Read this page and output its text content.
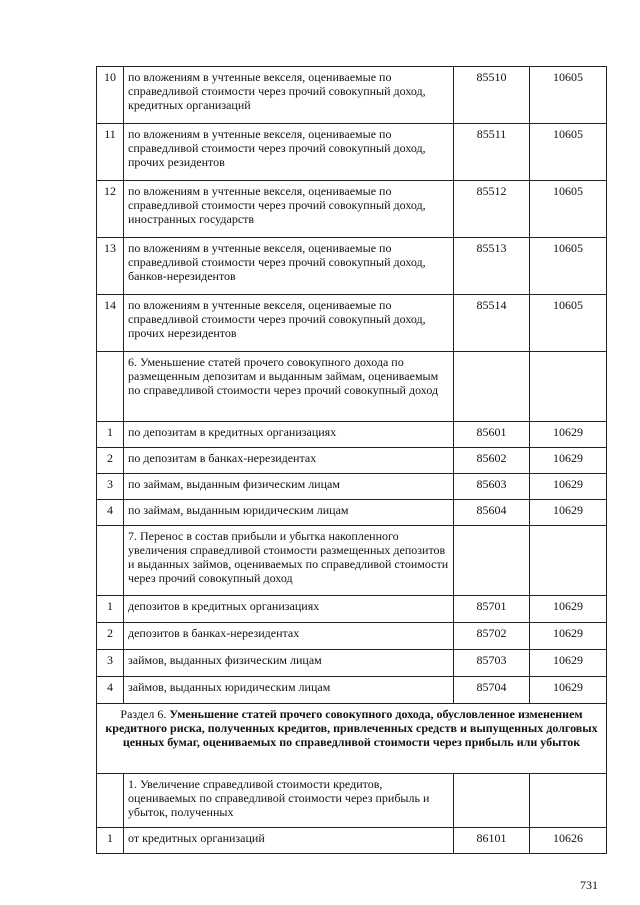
10	по вложениям в учтенные векселя, оцениваемые по справедливой стоимости через прочий совокупный доход, кредитных организаций	85510	10605
11	по вложениям в учтенные векселя, оцениваемые по справедливой стоимости через прочий совокупный доход, прочих резидентов	85511	10605
12	по вложениям в учтенные векселя, оцениваемые по справедливой стоимости через прочий совокупный доход, иностранных государств	85512	10605
13	по вложениям в учтенные векселя, оцениваемые по справедливой стоимости через прочий совокупный доход, банков-нерезидентов	85513	10605
14	по вложениям в учтенные векселя, оцениваемые по справедливой стоимости через прочий совокупный доход, прочих нерезидентов	85514	10605
	6. Уменьшение статей прочего совокупного дохода по размещенным депозитам и выданным займам, оцениваемым по справедливой стоимости через прочий совокупный доход		
1	по депозитам в кредитных организациях	85601	10629
2	по депозитам в банках-нерезидентах	85602	10629
3	по займам, выданным физическим лицам	85603	10629
4	по займам, выданным юридическим лицам	85604	10629
	7. Перенос в состав прибыли и убытка накопленного увеличения справедливой стоимости размещенных депозитов и выданных займов, оцениваемых по справедливой стоимости через прочий совокупный доход		
1	депозитов в кредитных организациях	85701	10629
2	депозитов в банках-нерезидентах	85702	10629
3	займов, выданных физическим лицам	85703	10629
4	займов, выданных юридическим лицам	85704	10629
Раздел 6. Уменьшение статей прочего совокупного дохода, обусловленное изменением кредитного риска, полученных кредитов, привлеченных средств и выпущенных долговых ценных бумаг, оцениваемых по справедливой стоимости через прибыль или убыток			
	1. Увеличение справедливой стоимости кредитов, оцениваемых по справедливой стоимости через прибыль и убыток, полученных		
1	от кредитных организаций	86101	10626
731
